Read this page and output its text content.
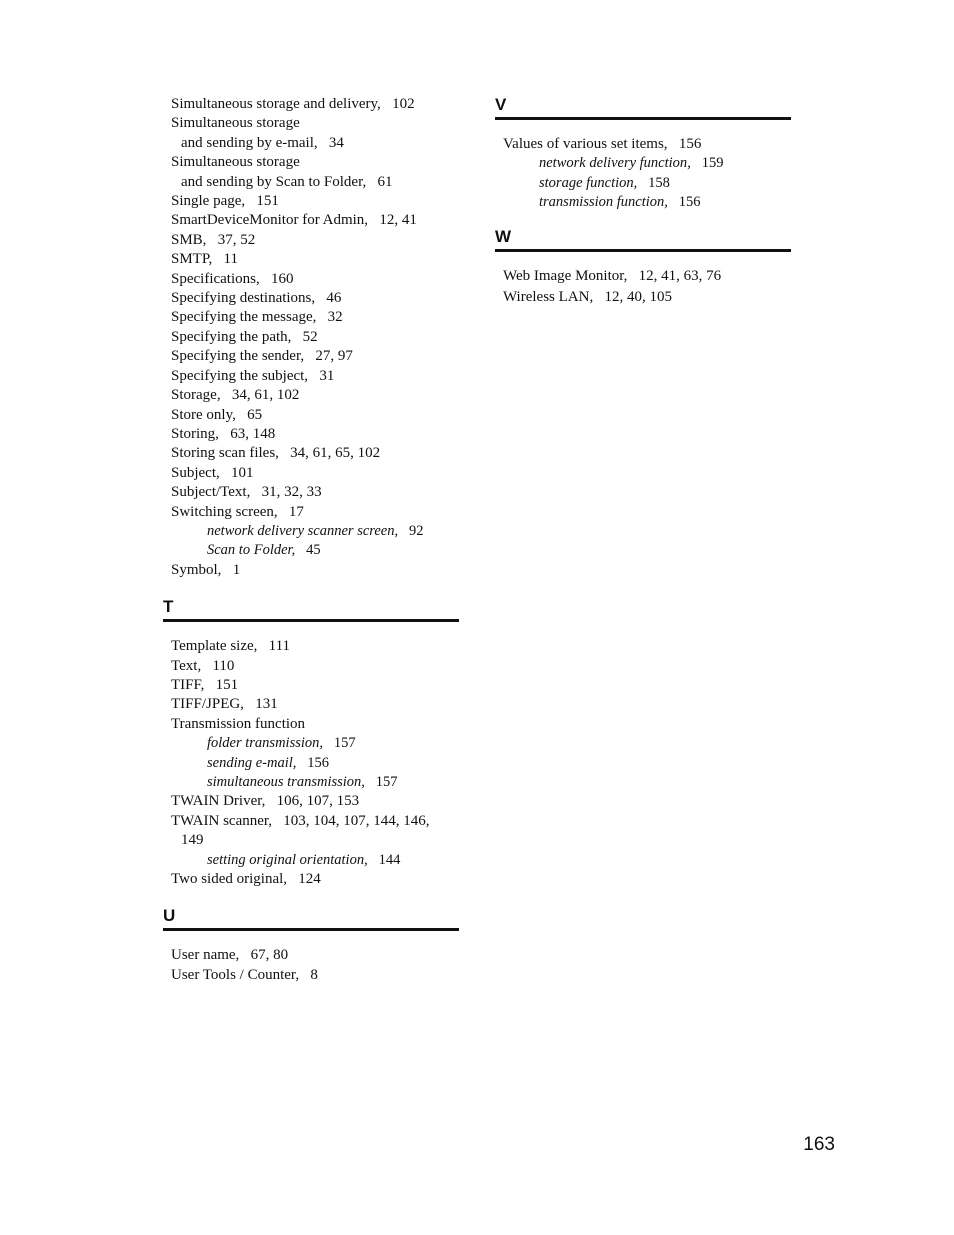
Simultaneous storage and delivery, 102
Simultaneous storage
and sending by e-mail, 34
Simultaneous storage
and sending by Scan to Folder, 61
Single page, 151
SmartDeviceMonitor for Admin, 12, 41
SMB, 37, 52
SMTP, 11
Specifications, 160
Specifying destinations, 46
Specifying the message, 32
Specifying the path, 52
Specifying the sender, 27, 97
Specifying the subject, 31
Storage, 34, 61, 102
Store only, 65
Storing, 63, 148
Storing scan files, 34, 61, 65, 102
Subject, 101
Subject/Text, 31, 32, 33
Switching screen, 17
network delivery scanner screen,   92
Scan to Folder,   45
Symbol, 1
T
Template size, 111
Text, 110
TIFF, 151
TIFF/JPEG, 131
Transmission function
folder transmission,   157
sending e-mail,   156
simultaneous transmission,   157
TWAIN Driver, 106, 107, 153
TWAIN scanner, 103, 104, 107, 144, 146,
149
setting original orientation,   144
Two sided original, 124
U
User name, 67, 80
User Tools / Counter, 8
V
Values of various set items, 156
network delivery function,   159
storage function,   158
transmission function,   156
W
Web Image Monitor, 12, 41, 63, 76
Wireless LAN, 12, 40, 105
163
